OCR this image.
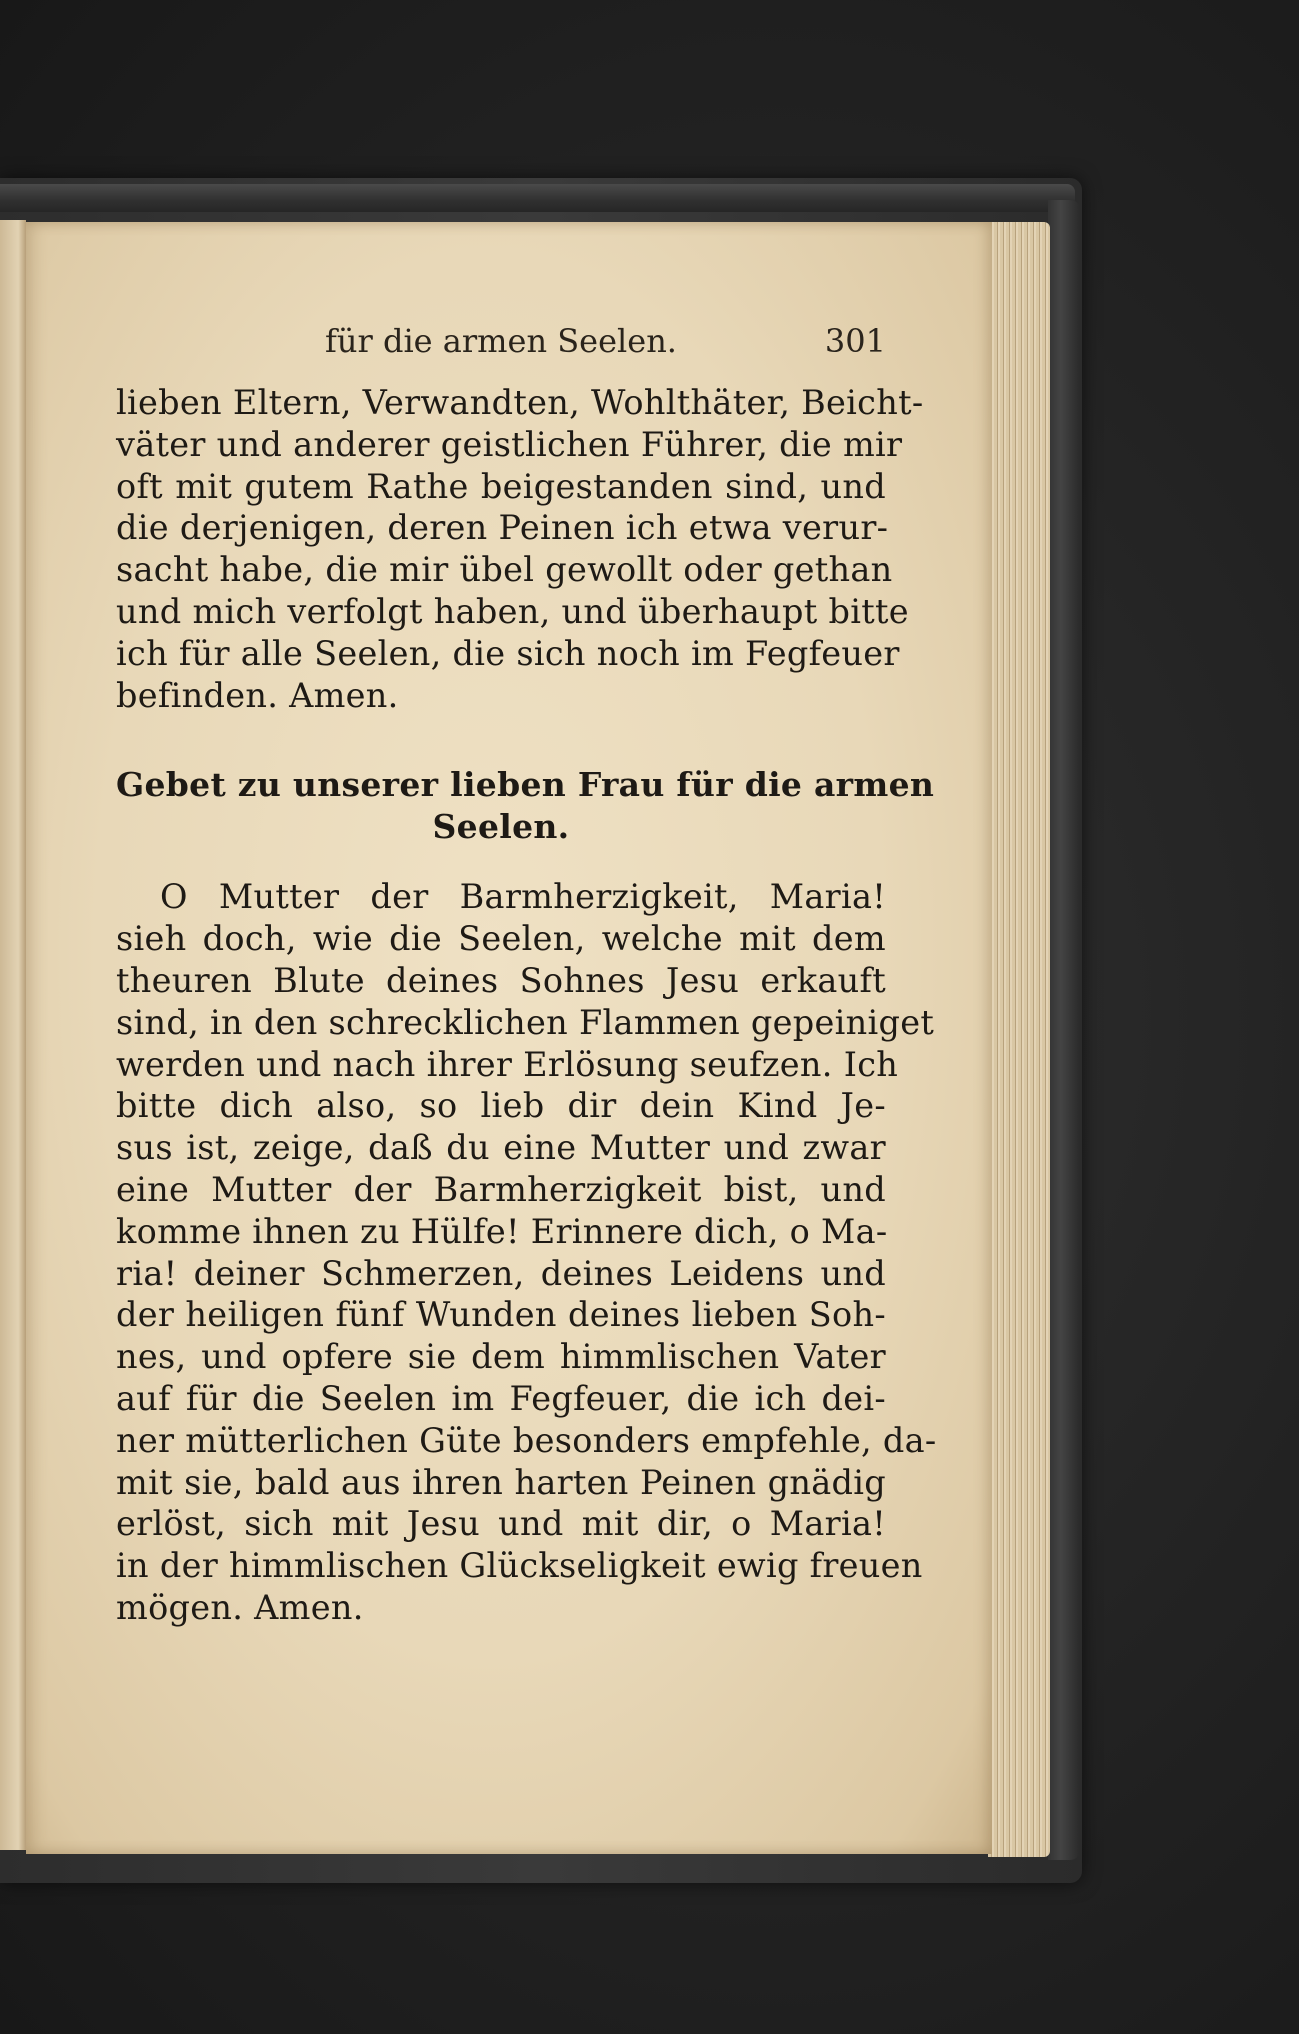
für die armen Seelen.	301

lieben Eltern, Verwandten, Wohlthäter, Beicht-
väter und anderer geistlichen Führer, die mir
oft mit gutem Rathe beigestanden sind, und
die derjenigen, deren Peinen ich etwa verur-
sacht habe, die mir übel gewollt oder gethan
und mich verfolgt haben, und überhaupt bitte
ich für alle Seelen, die sich noch im Fegfeuer
befinden. Amen.

Gebet zu unserer lieben Frau für die armen
Seelen.

O Mutter der Barmherzigkeit, Maria!
sieh doch, wie die Seelen, welche mit dem
theuren Blute deines Sohnes Jesu erkauft
sind, in den schrecklichen Flammen gepeiniget
werden und nach ihrer Erlösung seufzen. Ich
bitte dich also, so lieb dir dein Kind Je-
sus ist, zeige, daß du eine Mutter und zwar
eine Mutter der Barmherzigkeit bist, und
komme ihnen zu Hülfe! Erinnere dich, o Ma-
ria! deiner Schmerzen, deines Leidens und
der heiligen fünf Wunden deines lieben Soh-
nes, und opfere sie dem himmlischen Vater
auf für die Seelen im Fegfeuer, die ich dei-
ner mütterlichen Güte besonders empfehle, da-
mit sie, bald aus ihren harten Peinen gnädig
erlöst, sich mit Jesu und mit dir, o Maria!
in der himmlischen Glückseligkeit ewig freuen
mögen. Amen.
